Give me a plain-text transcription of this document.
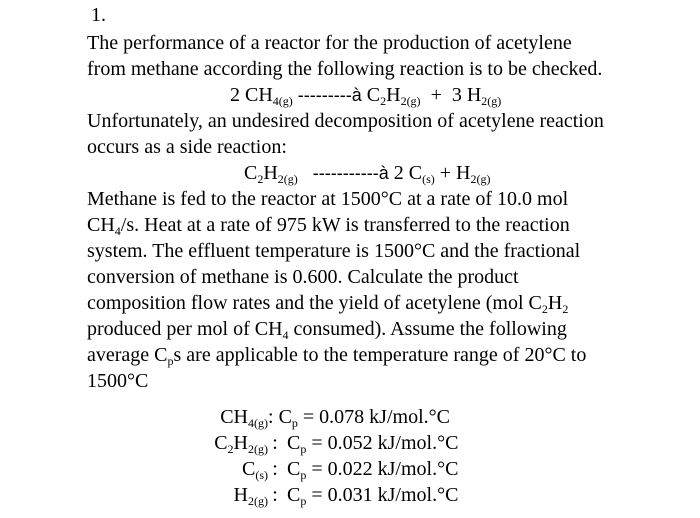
1.
The performance of a reactor for the production of acetylene
from methane according the following reaction is to be checked.
2 $CH_{4(g)}$ ---------à $C_2H_{2(g)} + 3$ $H_{2(g)}$
Unfortunately, an undesired decomposition of acetylene reaction
occurs as a side reaction:
$C_2H_{2(g)}$ -----------à 2 $C_{(s)} + H_{2(g)}$
Methane is fed to the reactor at 1500°C at a rate of 10.0 mol
$CH_4/s$. Heat at a rate of 975 kW is transferred to the reaction
system. The effluent temperature is 1500°C and the fractional
conversion of methane is 0.600. Calculate the product
composition flow rates and the yield of acetylene (mol $C_2H_2$
produced per mol of $CH_4$ consumed). Assume the following
average $C_ps$ are applicable to the temperature range of 20°C to
1500°C
$CH_{4(g)}$: $C_p = 0.078$ kJ/mol.°C
$C_2H_{2(g)}$ : $C_p = 0.052$ kJ/mol.°C
$C_{(s)}$ : $C_p = 0.022$ kJ/mol.°C
$H_{2(g)}$ : $C_p = 0.031$ kJ/mol.°C
